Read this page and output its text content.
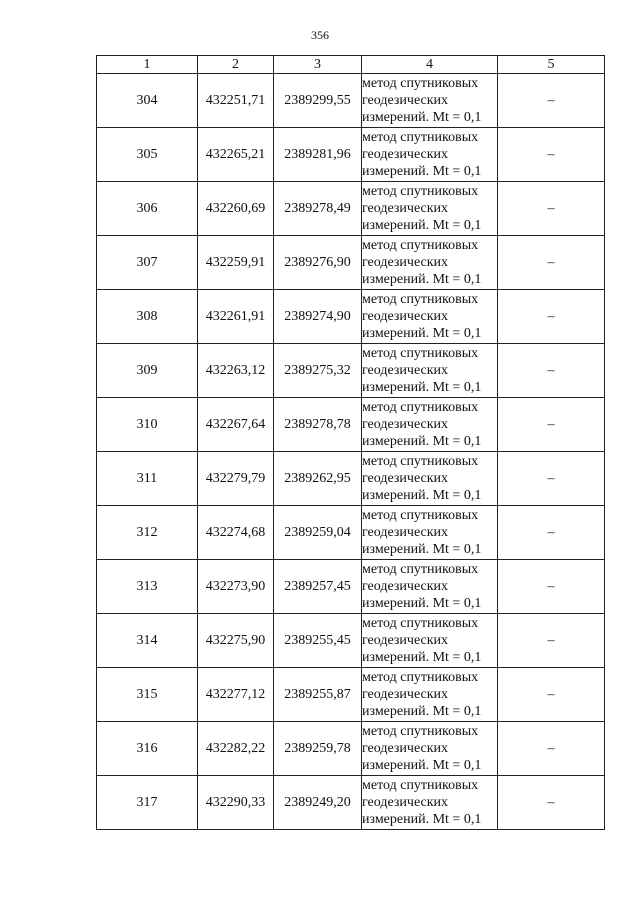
356
1	2	3	4	5
304	432251,71	2389299,55	метод спутниковых
геодезических
измерений. Mt = 0,1	–
305	432265,21	2389281,96	метод спутниковых
геодезических
измерений. Mt = 0,1	–
306	432260,69	2389278,49	метод спутниковых
геодезических
измерений. Mt = 0,1	–
307	432259,91	2389276,90	метод спутниковых
геодезических
измерений. Mt = 0,1	–
308	432261,91	2389274,90	метод спутниковых
геодезических
измерений. Mt = 0,1	–
309	432263,12	2389275,32	метод спутниковых
геодезических
измерений. Mt = 0,1	–
310	432267,64	2389278,78	метод спутниковых
геодезических
измерений. Mt = 0,1	–
311	432279,79	2389262,95	метод спутниковых
геодезических
измерений. Mt = 0,1	–
312	432274,68	2389259,04	метод спутниковых
геодезических
измерений. Mt = 0,1	–
313	432273,90	2389257,45	метод спутниковых
геодезических
измерений. Mt = 0,1	–
314	432275,90	2389255,45	метод спутниковых
геодезических
измерений. Mt = 0,1	–
315	432277,12	2389255,87	метод спутниковых
геодезических
измерений. Mt = 0,1	–
316	432282,22	2389259,78	метод спутниковых
геодезических
измерений. Mt = 0,1	–
317	432290,33	2389249,20	метод спутниковых
геодезических
измерений. Mt = 0,1	–
